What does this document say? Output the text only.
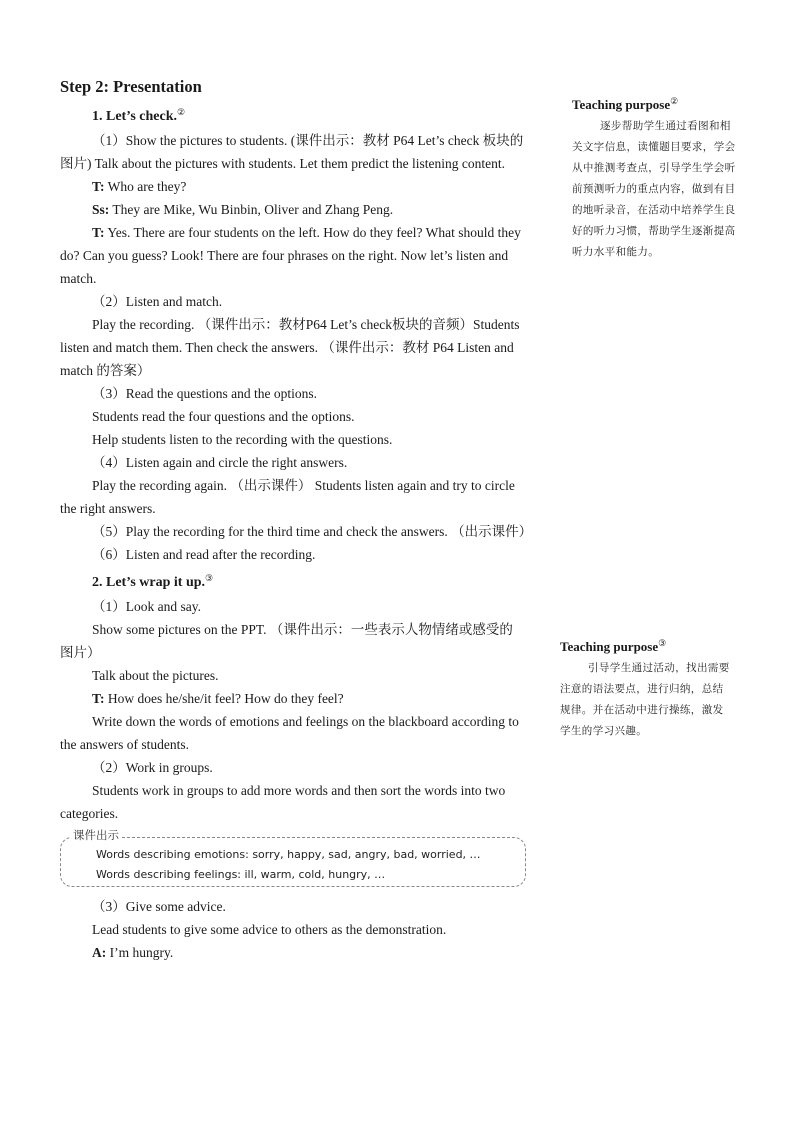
Step 2: Presentation
1. Let’s check.②

（1）Show the pictures to students. (课件出示：教材 P64 Let’s check 板块的图片) Talk about the pictures with students. Let them predict the listening content.

T: Who are they?

Ss: They are Mike, Wu Binbin, Oliver and Zhang Peng.

T: Yes. There are four students on the left. How do they feel? What should they do? Can you guess? Look! There are four phrases on the right. Now let’s listen and match.

（2）Listen and match.

Play the recording. （课件出示：教材P64 Let’s check板块的音频）Students listen and match them. Then check the answers. （课件出示：教材 P64 Listen and match 的答案）

（3）Read the questions and the options.

Students read the four questions and the options.

Help students listen to the recording with the questions.

（4）Listen again and circle the right answers.

Play the recording again. （出示课件） Students listen again and try to circle the right answers.

（5）Play the recording for the third time and check the answers. （出示课件）

（6）Listen and read after the recording.

2. Let’s wrap it up.③

（1）Look and say.

Show some pictures on the PPT. （课件出示：一些表示人物情绪或感受的图片）

Talk about the pictures.

T: How does he/she/it feel? How do they feel?

Write down the words of emotions and feelings on the blackboard according to the answers of students.

（2）Work in groups.

Students work in groups to add more words and then sort the words into two categories.

课件出示
Words describing emotions: sorry, happy, sad, angry, bad, worried, …
Words describing feelings: ill, warm, cold, hungry, …

（3）Give some advice.

Lead students to give some advice to others as the demonstration.

A: I’m hungry.

Teaching purpose②

逐步帮助学生通过看图和相关文字信息，读懂题目要求，学会从中推测考查点，引导学生学会听前预测听力的重点内容，做到有目的地听录音，在活动中培养学生良好的听力习惯，帮助学生逐渐提高听力水平和能力。

Teaching purpose③

引导学生通过活动，找出需要注意的语法要点，进行归纳，总结规律。并在活动中进行操练，激发学生的学习兴趣。
